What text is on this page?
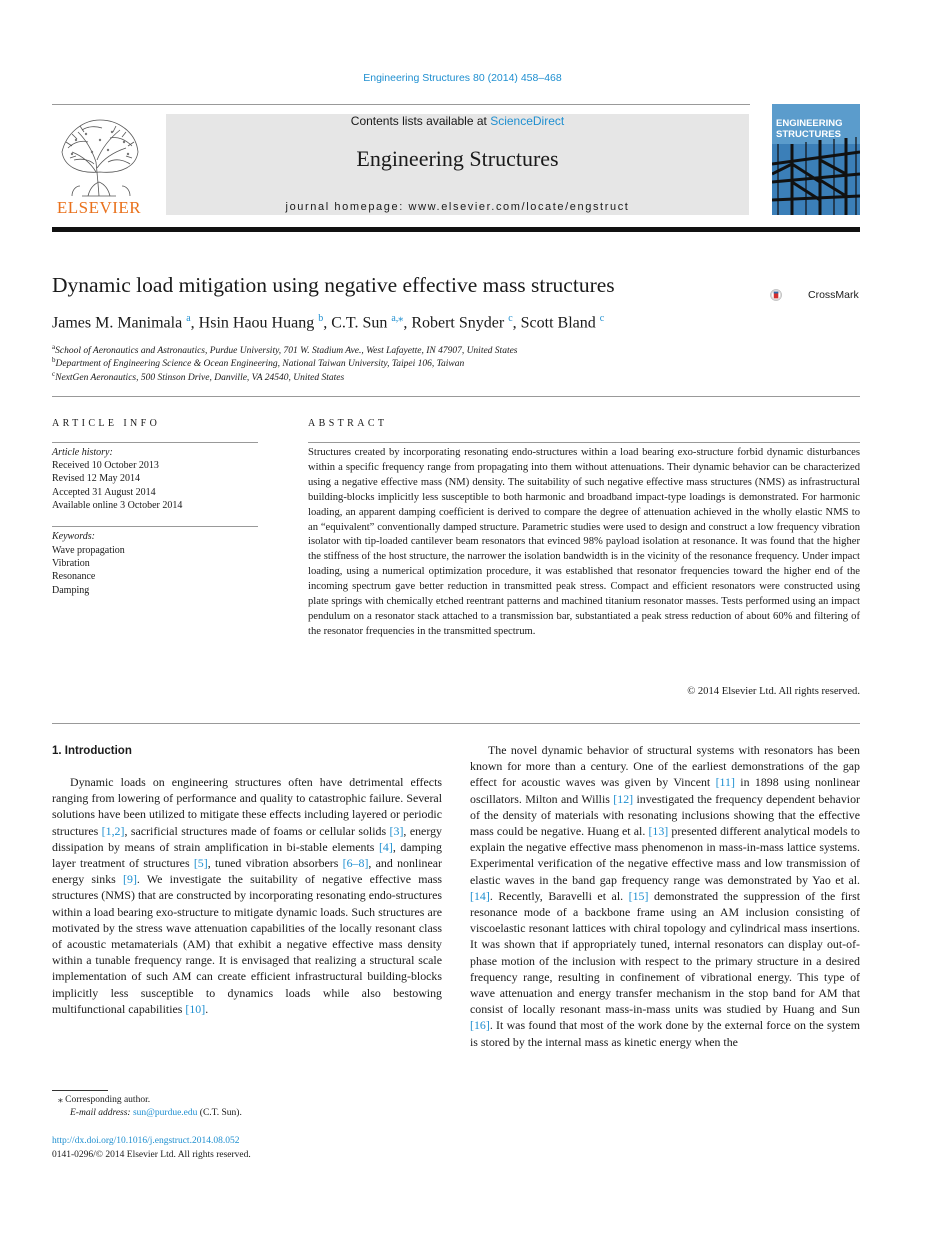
Engineering Structures 80 (2014) 458–468
ELSEVIER
Contents lists available at ScienceDirect
Engineering Structures
journal homepage: www.elsevier.com/locate/engstruct
ENGINEERING
STRUCTURES
Dynamic load mitigation using negative effective mass structures	CrossMark
James M. Manimala $^a$, Hsin Haou Huang $^b$, C.T. Sun $^{a,⁎}$, Robert Snyder $^c$, Scott Bland $^c$
$^a$School of Aeronautics and Astronautics, Purdue University, 701 W. Stadium Ave., West Lafayette, IN 47907, United States
$^b$Department of Engineering Science & Ocean Engineering, National Taiwan University, Taipei 106, Taiwan
$^c$NextGen Aeronautics, 500 Stinson Drive, Danville, VA 24540, United States
ARTICLE INFO
Article history:
Received 10 October 2013
Revised 12 May 2014
Accepted 31 August 2014
Available online 3 October 2014
Keywords:
Wave propagation
Vibration
Resonance
Damping
ABSTRACT
Structures created by incorporating resonating endo-structures within a load bearing exo-structure forbid dynamic disturbances within a specific frequency range from propagating into them without attenuations. Their dynamic behavior can be characterized using a negative effective mass (NM) density. The suitability of such negative effective mass structures (NMS) as infrastructural building-blocks implicitly less susceptible to both harmonic and broadband impact-type loadings is demonstrated. For harmonic loading, an apparent damping coefficient is derived to compare the degree of attenuation achieved in the wholly elastic NMS to an “equivalent” conventionally damped structure. Parametric studies were used to design and construct a low frequency vibration isolator with tip-loaded cantilever beam resonators that evinced 98% payload isolation at resonance. It was found that the higher the stiffness of the host structure, the narrower the isolation bandwidth is in the vicinity of the resonance frequency. Under impact loading, using a numerical optimization procedure, it was established that resonator frequencies toward the higher end of the incoming spectrum gave better reduction in transmitted peak stress. Compact and efficient resonators were constructed using plate springs with chemically etched reentrant patterns and machined titanium resonator masses. Tests performed using an impact pendulum on a resonator stack attached to a transmission bar, substantiated a peak stress reduction of about 60% and filtering of the resonator frequencies in the transmitted spectrum.
© 2014 Elsevier Ltd. All rights reserved.
1. Introduction

Dynamic loads on engineering structures often have detrimental effects ranging from lowering of performance and quality to catastrophic failure. Several solutions have been utilized to mitigate these effects including layered or periodic structures [1,2], sacrificial structures made of foams or cellular solids [3], energy dissipation by means of strain amplification in bi-stable elements [4], damping layer treatment of structures [5], tuned vibration absorbers [6–8], and nonlinear energy sinks [9]. We investigate the suitability of negative effective mass structures (NMS) that are constructed by incorporating resonating endo-structures within a load bearing exo-structure to mitigate dynamic loads. Such structures are motivated by the stress wave attenuation capabilities of the locally resonant class of acoustic metamaterials (AM) that exhibit a negative effective mass density within a tunable frequency range. It is envisaged that realizing a structural scale implementation of such AM can create efficient infrastructural building-blocks implicitly less susceptible to dynamics loads while also bestowing multifunctional capabilities [10].

The novel dynamic behavior of structural systems with resonators has been known for more than a century. One of the earliest demonstrations of the gap effect for acoustic waves was given by Vincent [11] in 1898 using nonlinear oscillators. Milton and Willis [12] investigated the frequency dependent behavior of the density of materials with resonating inclusions showing that the effective mass could be negative. Huang et al. [13] presented different analytical models to explain the negative effective mass phenomenon in mass-in-mass lattice systems. Experimental verification of the negative effective mass and low transmission of elastic waves in the band gap frequency range was demonstrated by Yao et al. [14]. Recently, Baravelli et al. [15] demonstrated the suppression of the first resonance mode of a backbone frame using an AM inclusion consisting of viscoelastic resonant lattices with chiral topology and cylindrical mass insertions. It was shown that if appropriately tuned, internal resonators can display out-of-phase motion of the inclusion with respect to the primary structure in a desired frequency range, resulting in confinement of vibrational energy. This type of wave attenuation and energy transfer mechanism in the stop band for AM that consist of locally resonant mass-in-mass units was studied by Huang and Sun [16]. It was found that most of the work done by the external force on the system is stored by the internal mass as kinetic energy when the

⁎ Corresponding author.
E-mail address: sun@purdue.edu (C.T. Sun).
http://dx.doi.org/10.1016/j.engstruct.2014.08.052
0141-0296/© 2014 Elsevier Ltd. All rights reserved.
